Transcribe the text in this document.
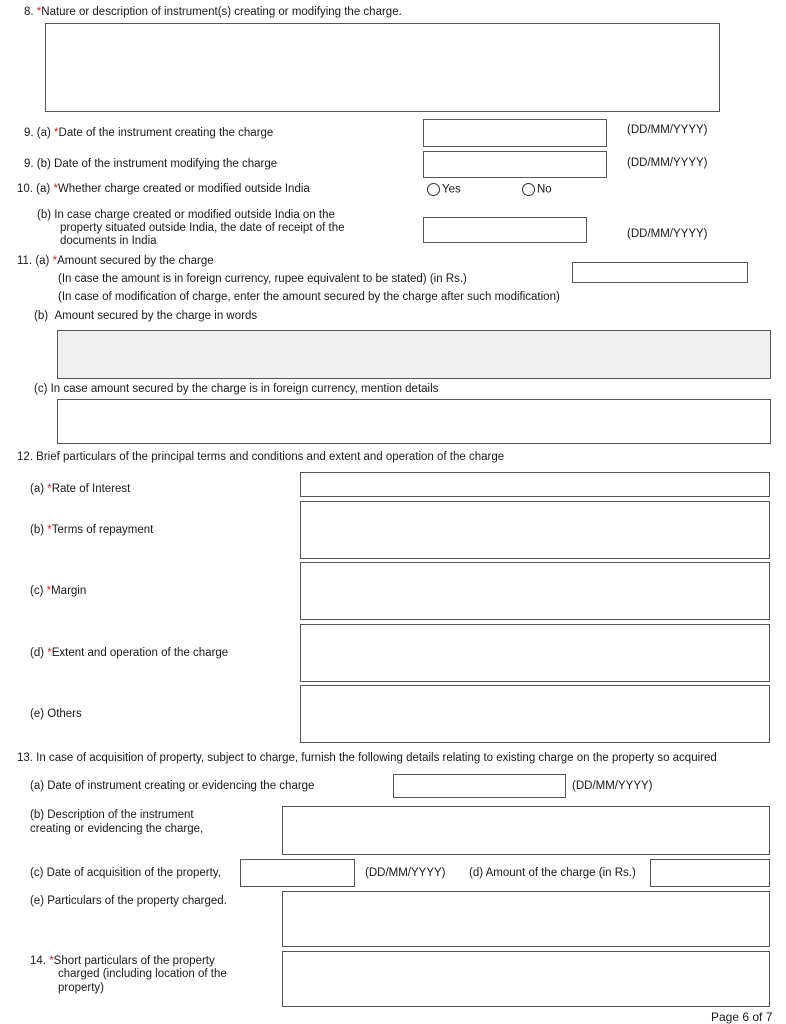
8. *Nature or description of instrument(s) creating or modifying the charge.
9. (a) *Date of the instrument creating the charge	(DD/MM/YYYY)
9. (b) Date of the instrument modifying the charge	(DD/MM/YYYY)
10. (a) *Whether charge created or modified outside India	Yes	No
(b) In case charge created or modified outside India on the
property situated outside India, the date of receipt of the
documents in India
(DD/MM/YYYY)
11. (a) *Amount secured by the charge
(In case the amount is in foreign currency, rupee equivalent to be stated) (in Rs.)
(In case of modification of charge, enter the amount secured by the charge after such modification)
(b) Amount secured by the charge in words
(c) In case amount secured by the charge is in foreign currency, mention details
12. Brief particulars of the principal terms and conditions and extent and operation of the charge
(a) *Rate of Interest
(b) *Terms of repayment
(c) *Margin
(d) *Extent and operation of the charge
(e) Others
13. In case of acquisition of property, subject to charge, furnish the following details relating to existing charge on the property so acquired
(a) Date of instrument creating or evidencing the charge	(DD/MM/YYYY)
(b) Description of the instrument
creating or evidencing the charge,
(c) Date of acquisition of the property,	(DD/MM/YYYY) (d) Amount of the charge (in Rs.)
(e) Particulars of the property charged.
14. *Short particulars of the property
charged (including location of the
property)
Page 6 of 7
